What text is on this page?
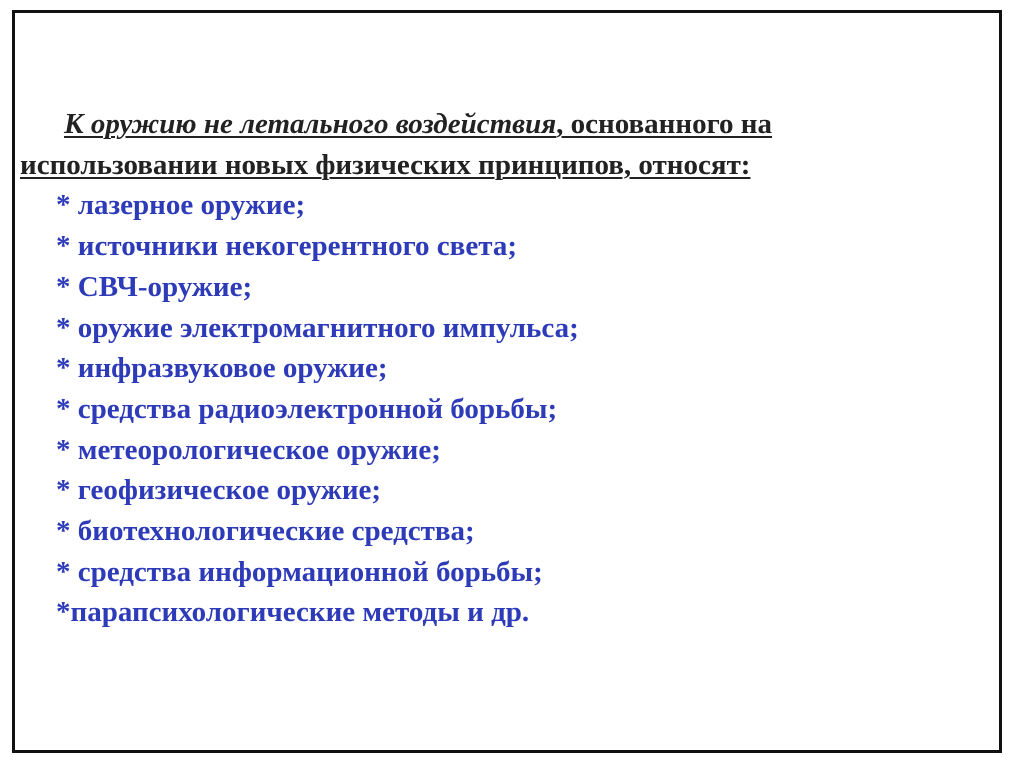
К оружию не летального воздействия, основанного на
использовании новых физических принципов, относят:
* лазерное оружие;
* источники некогерентного света;
* СВЧ-оружие;
* оружие электромагнитного импульса;
* инфразвуковое оружие;
* средства радиоэлектронной борьбы;
* метеорологическое оружие;
* геофизическое оружие;
* биотехнологические средства;
* средства информационной борьбы;
*парапсихологические методы и др.
